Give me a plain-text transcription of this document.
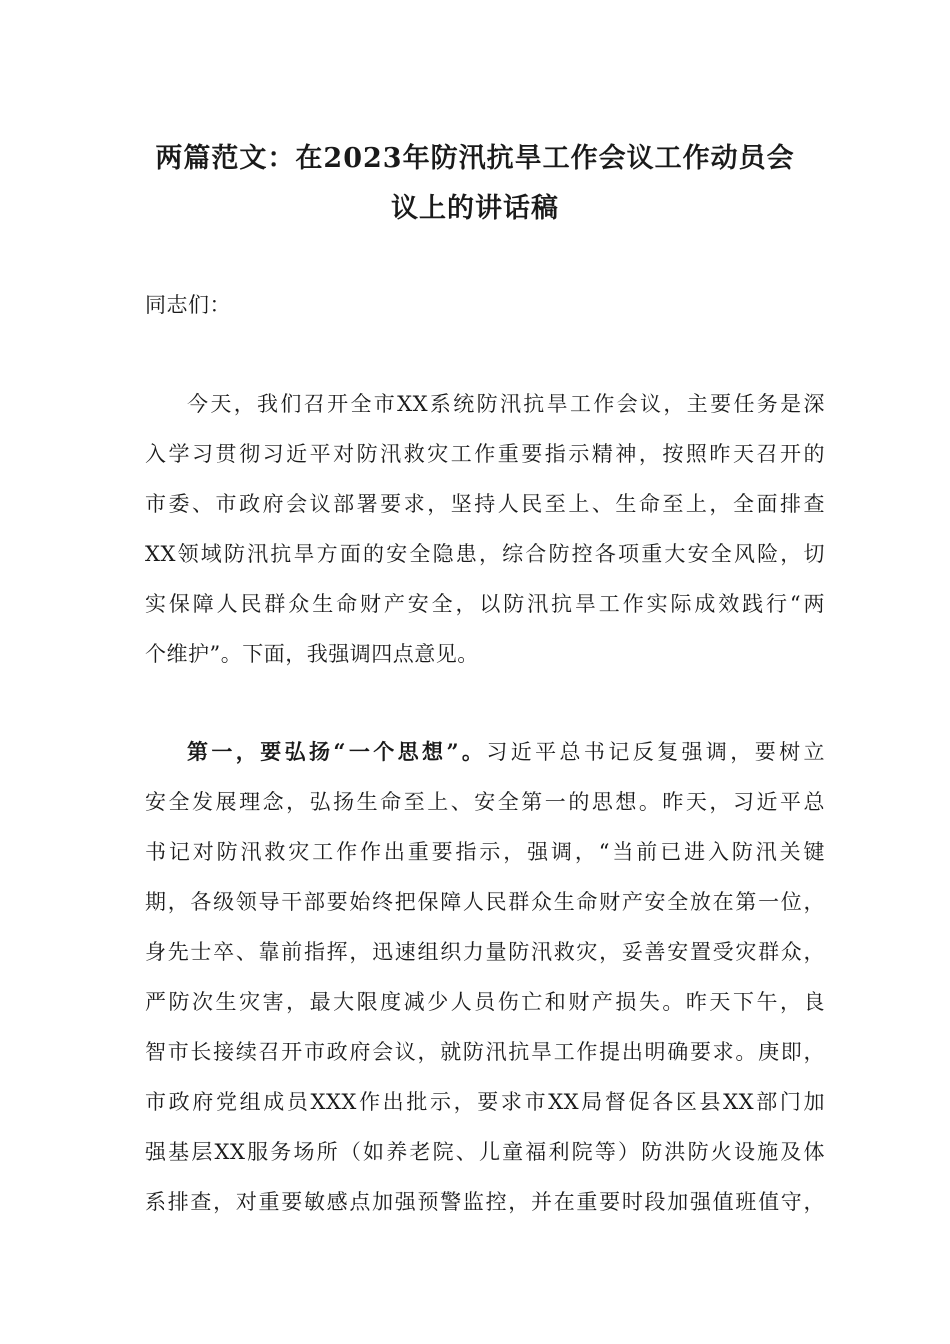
两篇范文：在2023年防汛抗旱工作会议工作动员会
议上的讲话稿
同志们：
今天，我们召开全市XX系统防汛抗旱工作会议，主要任务是深
入学习贯彻习近平对防汛救灾工作重要指示精神，按照昨天召开的
市委、市政府会议部署要求，坚持人民至上、生命至上，全面排查
XX领域防汛抗旱方面的安全隐患，综合防控各项重大安全风险，切
实保障人民群众生命财产安全，以防汛抗旱工作实际成效践行“两
个维护”。下面，我强调四点意见。
第一，要弘扬“一个思想”。习近平总书记反复强调，要树立
安全发展理念，弘扬生命至上、安全第一的思想。昨天，习近平总
书记对防汛救灾工作作出重要指示，强调，“当前已进入防汛关键
期，各级领导干部要始终把保障人民群众生命财产安全放在第一位，
身先士卒、靠前指挥，迅速组织力量防汛救灾，妥善安置受灾群众，
严防次生灾害，最大限度减少人员伤亡和财产损失。昨天下午，良
智市长接续召开市政府会议，就防汛抗旱工作提出明确要求。庚即，
市政府党组成员XXX作出批示，要求市XX局督促各区县XX部门加
强基层XX服务场所（如养老院、儿童福利院等）防洪防火设施及体
系排查，对重要敏感点加强预警监控，并在重要时段加强值班值守，
